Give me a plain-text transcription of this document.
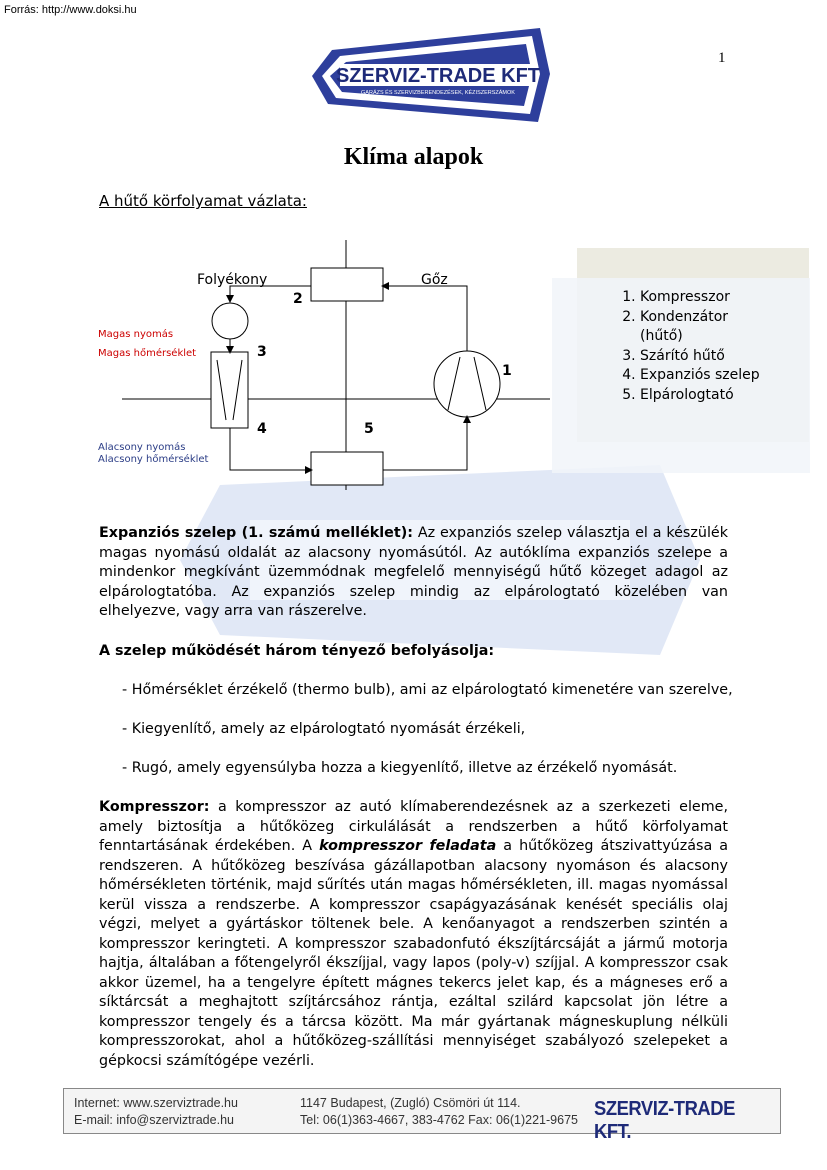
Forrás: http://www.doksi.hu
1
SZERVIZ-TRADE KFT
GARÁZS ÉS SZERVIZBERENDEZÉSEK, KÉZISZERSZÁMOK
Klíma alapok
A hűtő körfolyamat vázlata:
1. Kompresszor
2. Kondenzátor (hűtő)
3. Szárító hűtő
4. Expanziós szelep
5. Elpárologtató
Folyékony	Gőz
2
3
1
4	5
Magas nyomás
Magas hőmérséklet
Alacsony nyomás
Alacsony hőmérséklet

Expanziós szelep (1. számú melléklet): Az expanziós szelep választja el a készülék magas nyomású oldalát az alacsony nyomásútól. Az autóklíma expanziós szelepe a mindenkor megkívánt üzemmódnak megfelelő mennyiségű hűtő közeget adagol az elpárologtatóba. Az expanziós szelep mindig az elpárologtató közelében van elhelyezve, vagy arra van rászerelve.

A szelep működését három tényező befolyásolja:

- Hőmérséklet érzékelő (thermo bulb), ami az elpárologtató kimenetére van szerelve,
- Kiegyenlítő, amely az elpárologtató nyomását érzékeli,
- Rugó, amely egyensúlyba hozza a kiegyenlítő, illetve az érzékelő nyomását.

Kompresszor: a kompresszor az autó klímaberendezésnek az a szerkezeti eleme, amely biztosítja a hűtőközeg cirkulálását a rendszerben a hűtő körfolyamat fenntartásának érdekében. A kompresszor feladata a hűtőközeg átszivattyúzása a rendszeren. A hűtőközeg beszívása gázállapotban alacsony nyomáson és alacsony hőmérsékleten történik, majd sűrítés után magas hőmérsékleten, ill. magas nyomással kerül vissza a rendszerbe. A kompresszor csapágyazásának kenését speciális olaj végzi, melyet a gyártáskor töltenek bele. A kenőanyagot a rendszerben szintén a kompresszor keringteti. A kompresszor szabadonfutó ékszíjtárcsáját a jármű motorja hajtja, általában a főtengelyről ékszíjjal, vagy lapos (poly-v) szíjjal. A kompresszor csak akkor üzemel, ha a tengelyre épített mágnes tekercs jelet kap, és a mágneses erő a síktárcsát a meghajtott szíjtárcsához rántja, ezáltal szilárd kapcsolat jön létre a kompresszor tengely és a tárcsa között. Ma már gyártanak mágneskuplung nélküli kompresszorokat, ahol a hűtőközeg-szállítási mennyiséget szabályozó szelepeket a gépkocsi számítógépe vezérli.

Internet: www.szerviztrade.hu
E-mail: info@szerviztrade.hu
1147 Budapest, (Zugló) Csömöri út 114.
Tel: 06(1)363-4667, 383-4762 Fax: 06(1)221-9675 SZERVIZ-TRADE KFT.
